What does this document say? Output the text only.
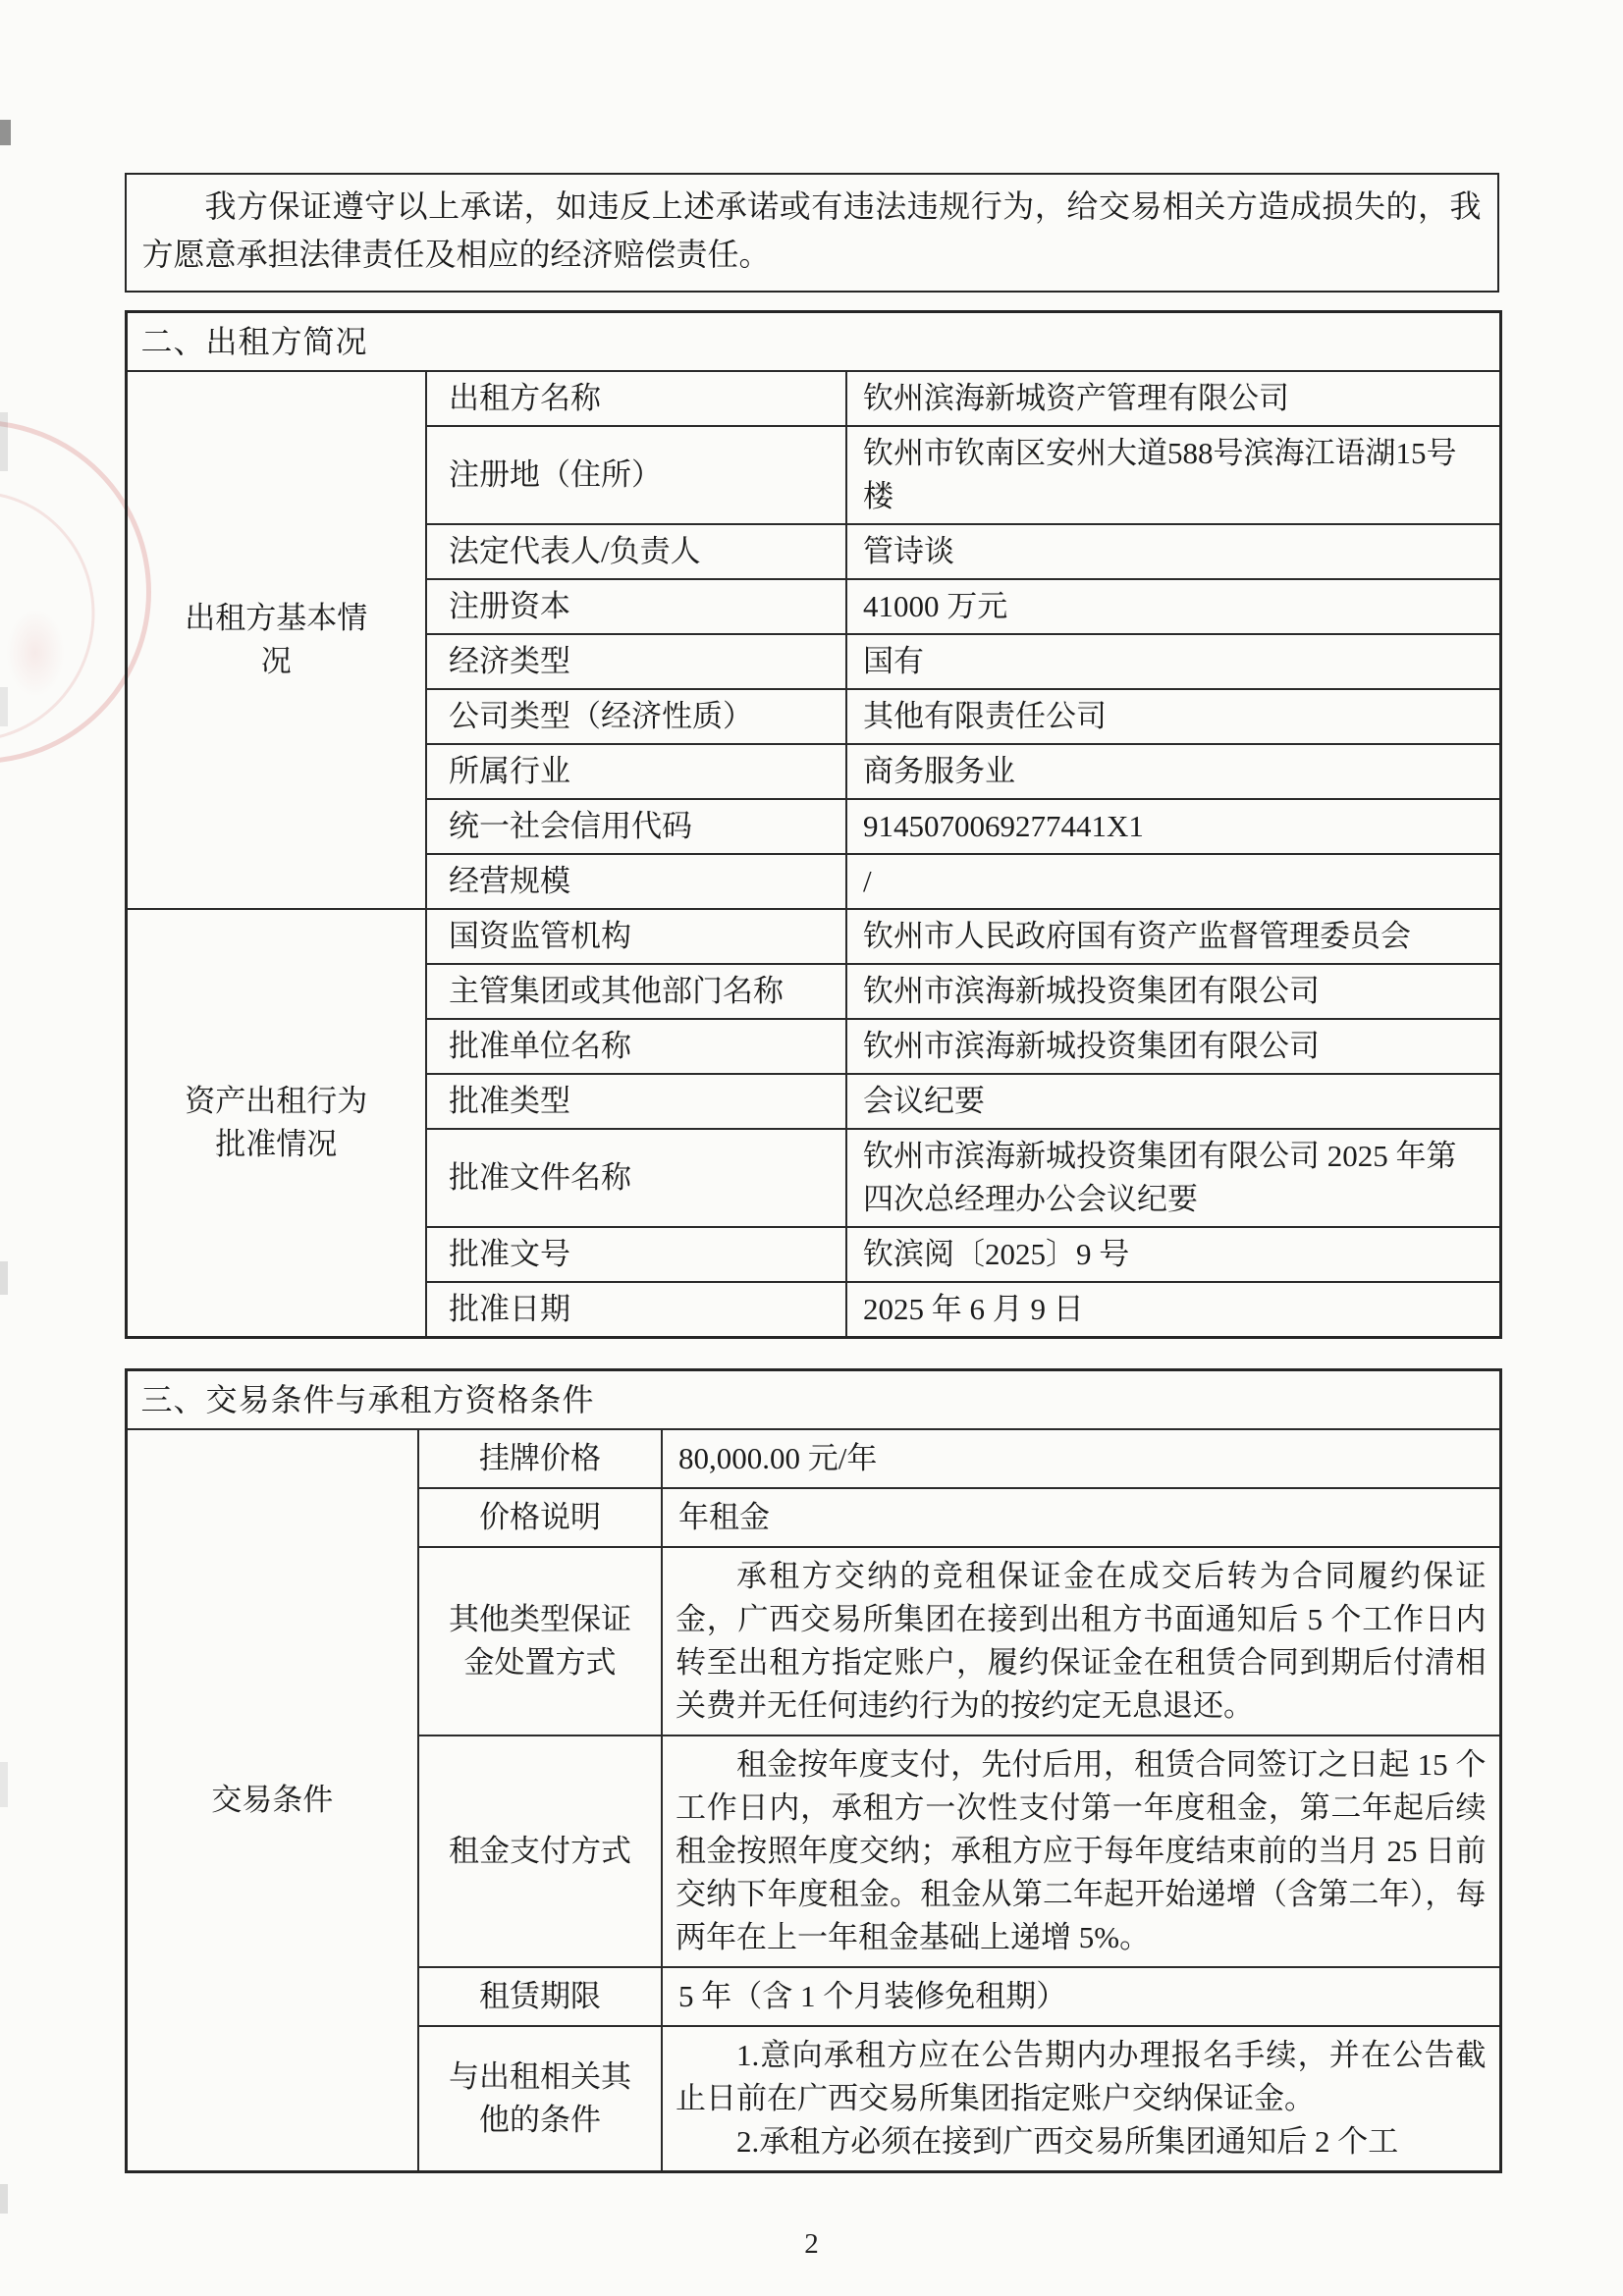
我方保证遵守以上承诺，如违反上述承诺或有违法违规行为，给交易相关方造成损失的，我方愿意承担法律责任及相应的经济赔偿责任。

二、出租方简况		
出租方基本情况	出租方名称	钦州滨海新城资产管理有限公司
	注册地（住所）	钦州市钦南区安州大道588号滨海江语湖15号楼
	法定代表人/负责人	管诗谈
	注册资本	41000 万元
	经济类型	国有
	公司类型（经济性质）	其他有限责任公司
	所属行业	商务服务业
	统一社会信用代码	9145070069277441X1
	经营规模	/
资产出租行为批准情况	国资监管机构	钦州市人民政府国有资产监督管理委员会
	主管集团或其他部门名称	钦州市滨海新城投资集团有限公司
	批准单位名称	钦州市滨海新城投资集团有限公司
	批准类型	会议纪要
	批准文件名称	钦州市滨海新城投资集团有限公司 2025 年第四次总经理办公会议纪要
	批准文号	钦滨阅〔2025〕9 号
	批准日期	2025 年 6 月 9 日
三、交易条件与承租方资格条件		
交易条件	挂牌价格	80,000.00 元/年
	价格说明	年租金
	其他类型保证金处置方式	承租方交纳的竞租保证金在成交后转为合同履约保证金，广西交易所集团在接到出租方书面通知后 5 个工作日内转至出租方指定账户，履约保证金在租赁合同到期后付清相关费并无任何违约行为的按约定无息退还。

	租金支付方式	租金按年度支付，先付后用，租赁合同签订之日起 15 个工作日内，承租方一次性支付第一年度租金，第二年起后续租金按照年度交纳；承租方应于每年度结束前的当月 25 日前交纳下年度租金。租金从第二年起开始递增（含第二年），每两年在上一年租金基础上递增 5%。

	租赁期限	5 年（含 1 个月装修免租期）
	与出租相关其他的条件	1.意向承租方应在公告期内办理报名手续，并在公告截止日前在广西交易所集团指定账户交纳保证金。

2.承租方必须在接到广西交易所集团通知后 2 个工

2
